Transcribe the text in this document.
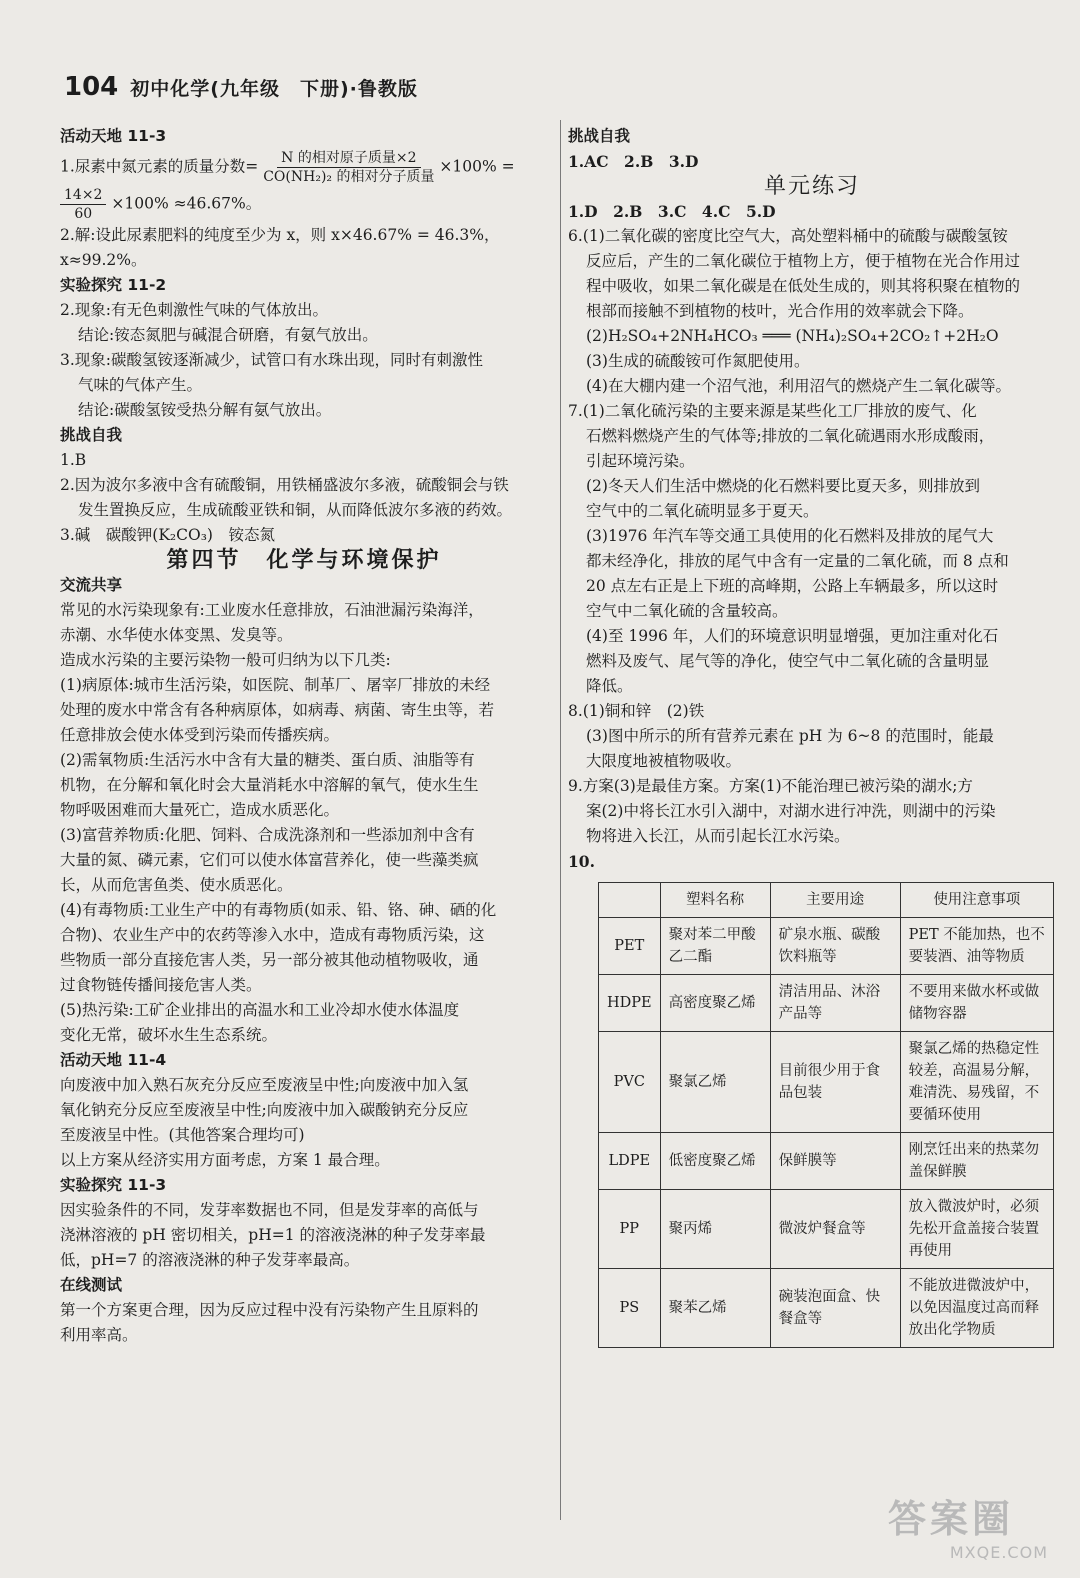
104 初中化学(九年级　下册)·鲁教版

活动天地 11-3

1.尿素中氮元素的质量分数= $\frac{\text{N 的相对原子质量×2}}{\text{CO(NH₂)₂ 的相对分子质量}} \times 100\%$ =

$\frac{14\times 2}{60} \times 100\% \approx 46.67\%$。

2.解:设此尿素肥料的纯度至少为 x，则 x×46.67% = 46.3%，

x≈99.2%。

实验探究 11-2

2.现象:有无色刺激性气味的气体放出。

结论:铵态氮肥与碱混合研磨，有氨气放出。

3.现象:碳酸氢铵逐渐减少，试管口有水珠出现，同时有刺激性

气味的气体产生。

结论:碳酸氢铵受热分解有氨气放出。

挑战自我

1.B

2.因为波尔多液中含有硫酸铜，用铁桶盛波尔多液，硫酸铜会与铁

发生置换反应，生成硫酸亚铁和铜，从而降低波尔多液的药效。

3.碱　碳酸钾(K₂CO₃)　铵态氮

第四节　化学与环境保护

交流共享

常见的水污染现象有:工业废水任意排放，石油泄漏污染海洋，

赤潮、水华使水体变黑、发臭等。

造成水污染的主要污染物一般可归纳为以下几类:

(1)病原体:城市生活污染，如医院、制革厂、屠宰厂排放的未经

处理的废水中常含有各种病原体，如病毒、病菌、寄生虫等，若

任意排放会使水体受到污染而传播疾病。

(2)需氧物质:生活污水中含有大量的糖类、蛋白质、油脂等有

机物，在分解和氧化时会大量消耗水中溶解的氧气，使水生生

物呼吸困难而大量死亡，造成水质恶化。

(3)富营养物质:化肥、饲料、合成洗涤剂和一些添加剂中含有

大量的氮、磷元素，它们可以使水体富营养化，使一些藻类疯

长，从而危害鱼类、使水质恶化。

(4)有毒物质:工业生产中的有毒物质(如汞、铅、铬、砷、硒的化

合物)、农业生产中的农药等渗入水中，造成有毒物质污染，这

些物质一部分直接危害人类，另一部分被其他动植物吸收，通

过食物链传播间接危害人类。

(5)热污染:工矿企业排出的高温水和工业冷却水使水体温度

变化无常，破坏水生生态系统。

活动天地 11-4

向废液中加入熟石灰充分反应至废液呈中性;向废液中加入氢

氧化钠充分反应至废液呈中性;向废液中加入碳酸钠充分反应

至废液呈中性。(其他答案合理均可)

以上方案从经济实用方面考虑，方案 1 最合理。

实验探究 11-3

因实验条件的不同，发芽率数据也不同，但是发芽率的高低与

浇淋溶液的 pH 密切相关，pH=1 的溶液浇淋的种子发芽率最

低，pH=7 的溶液浇淋的种子发芽率最高。

在线测试

第一个方案更合理，因为反应过程中没有污染物产生且原料的

利用率高。

挑战自我

1.AC　2.B　3.D

单元练习

1.D　2.B　3.C　4.C　5.D

6.(1)二氧化碳的密度比空气大，高处塑料桶中的硫酸与碳酸氢铵

反应后，产生的二氧化碳位于植物上方，便于植物在光合作用过

程中吸收，如果二氧化碳是在低处生成的，则其将积聚在植物的

根部而接触不到植物的枝叶，光合作用的效率就会下降。

(2)H₂SO₄+2NH₄HCO₃ ═══ (NH₄)₂SO₄+2CO₂↑+2H₂O

(3)生成的硫酸铵可作氮肥使用。

(4)在大棚内建一个沼气池，利用沼气的燃烧产生二氧化碳等。

7.(1)二氧化硫污染的主要来源是某些化工厂排放的废气、化

石燃料燃烧产生的气体等;排放的二氧化硫遇雨水形成酸雨，

引起环境污染。

(2)冬天人们生活中燃烧的化石燃料要比夏天多，则排放到

空气中的二氧化硫明显多于夏天。

(3)1976 年汽车等交通工具使用的化石燃料及排放的尾气大

都未经净化，排放的尾气中含有一定量的二氧化硫，而 8 点和

20 点左右正是上下班的高峰期，公路上车辆最多，所以这时

空气中二氧化硫的含量较高。

(4)至 1996 年，人们的环境意识明显增强，更加注重对化石

燃料及废气、尾气等的净化，使空气中二氧化硫的含量明显

降低。

8.(1)铜和锌　(2)铁

(3)图中所示的所有营养元素在 pH 为 6~8 的范围时，能最

大限度地被植物吸收。

9.方案(3)是最佳方案。方案(1)不能治理已被污染的湖水;方

案(2)中将长江水引入湖中，对湖水进行冲洗，则湖中的污染

物将进入长江，从而引起长江水污染。

10.

	塑料名称	主要用途	使用注意事项
PET	聚对苯二甲酸乙二酯	矿泉水瓶、碳酸饮料瓶等	PET 不能加热，也不要装酒、油等物质
HDPE	高密度聚乙烯	清洁用品、沐浴产品等	不要用来做水杯或做储物容器
PVC	聚氯乙烯	目前很少用于食品包装	聚氯乙烯的热稳定性较差，高温易分解，难清洗、易残留，不要循环使用
LDPE	低密度聚乙烯	保鲜膜等	刚烹饪出来的热菜勿盖保鲜膜
PP	聚丙烯	微波炉餐盒等	放入微波炉时，必须先松开盒盖接合装置再使用
PS	聚苯乙烯	碗装泡面盒、快餐盒等	不能放进微波炉中，以免因温度过高而释放出化学物质
答案圈
MXQE.COM
